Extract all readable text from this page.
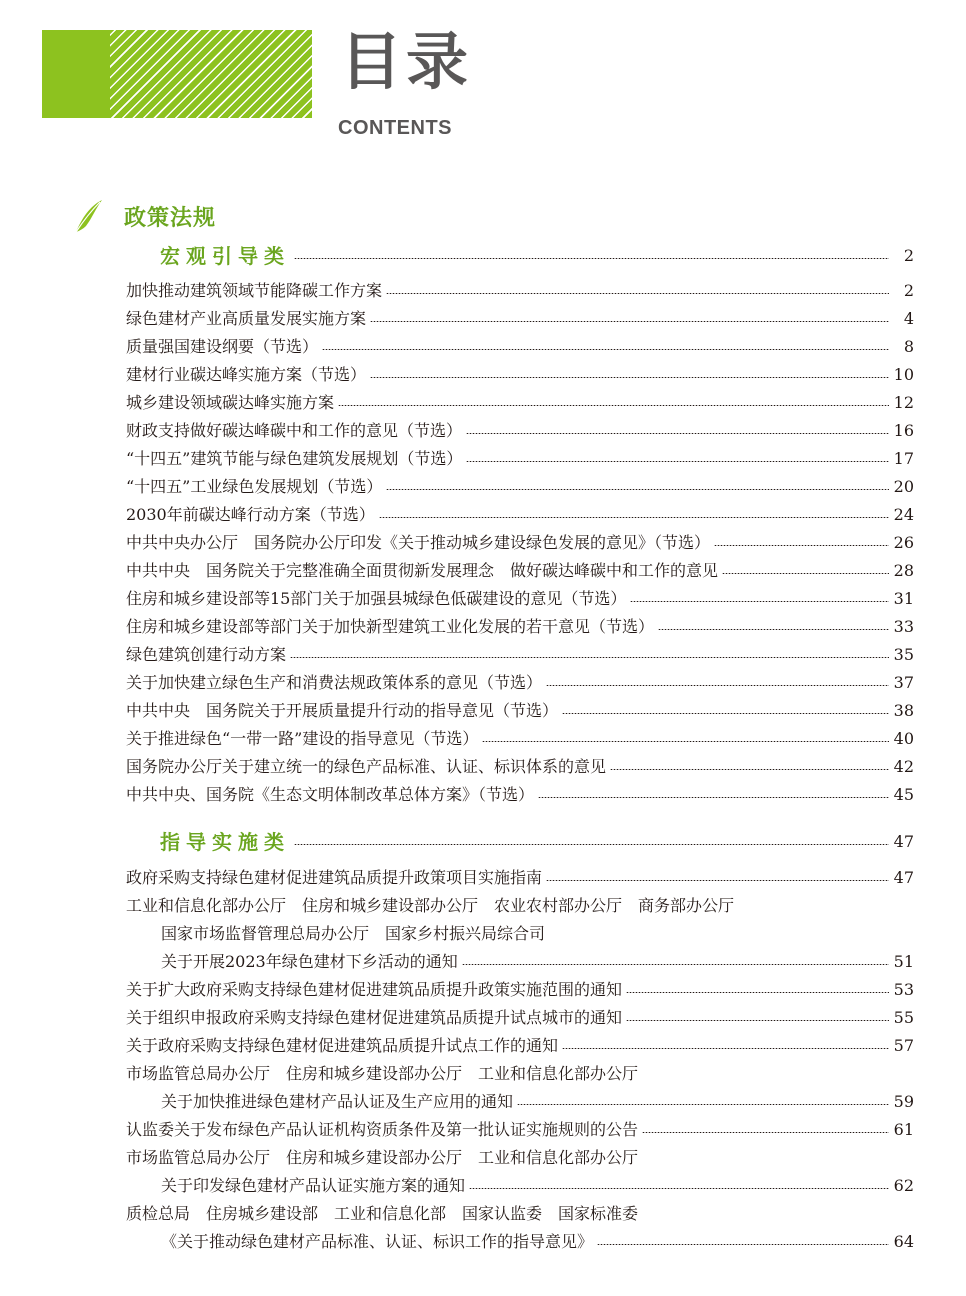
目录
CONTENTS
政策法规
宏观引导类	2
加快推动建筑领域节能降碳工作方案	2
绿色建材产业高质量发展实施方案	4
质量强国建设纲要（节选）	8
建材行业碳达峰实施方案（节选）	10
城乡建设领域碳达峰实施方案	12
财政支持做好碳达峰碳中和工作的意见（节选）	16
“十四五”建筑节能与绿色建筑发展规划（节选）	17
“十四五”工业绿色发展规划（节选）	20
2030年前碳达峰行动方案（节选）	24
中共中央办公厅　国务院办公厅印发《关于推动城乡建设绿色发展的意见》（节选）	26
中共中央　国务院关于完整准确全面贯彻新发展理念　做好碳达峰碳中和工作的意见	28
住房和城乡建设部等15部门关于加强县城绿色低碳建设的意见（节选）	31
住房和城乡建设部等部门关于加快新型建筑工业化发展的若干意见（节选）	33
绿色建筑创建行动方案	35
关于加快建立绿色生产和消费法规政策体系的意见（节选）	37
中共中央　国务院关于开展质量提升行动的指导意见（节选）	38
关于推进绿色“一带一路”建设的指导意见（节选）	40
国务院办公厅关于建立统一的绿色产品标准、认证、标识体系的意见	42
中共中央、国务院《生态文明体制改革总体方案》（节选）	45
指导实施类	47
政府采购支持绿色建材促进建筑品质提升政策项目实施指南	47
工业和信息化部办公厅　住房和城乡建设部办公厅　农业农村部办公厅　商务部办公厅
国家市场监督管理总局办公厅　国家乡村振兴局综合司
关于开展2023年绿色建材下乡活动的通知	51
关于扩大政府采购支持绿色建材促进建筑品质提升政策实施范围的通知	53
关于组织申报政府采购支持绿色建材促进建筑品质提升试点城市的通知	55
关于政府采购支持绿色建材促进建筑品质提升试点工作的通知	57
市场监管总局办公厅　住房和城乡建设部办公厅　工业和信息化部办公厅
关于加快推进绿色建材产品认证及生产应用的通知	59
认监委关于发布绿色产品认证机构资质条件及第一批认证实施规则的公告	61
市场监管总局办公厅　住房和城乡建设部办公厅　工业和信息化部办公厅
关于印发绿色建材产品认证实施方案的通知	62
质检总局　住房城乡建设部　工业和信息化部　国家认监委　国家标准委
《关于推动绿色建材产品标准、认证、标识工作的指导意见》	64
